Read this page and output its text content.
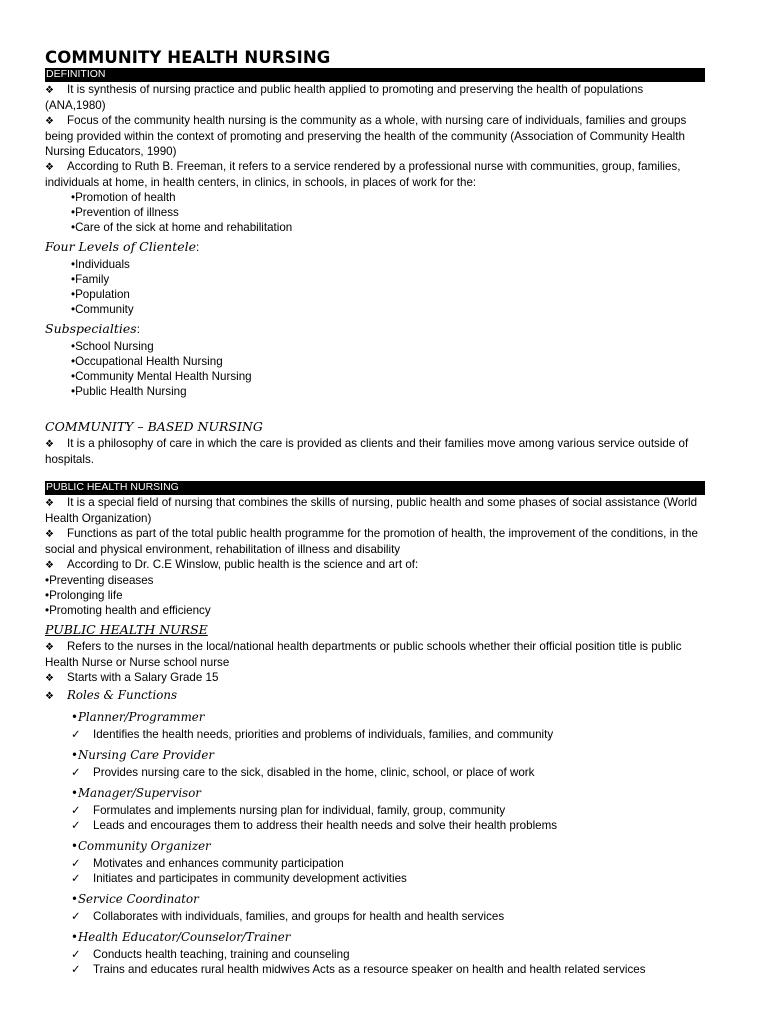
COMMUNITY HEALTH NURSING
DEFINITION

❖ It is synthesis of nursing practice and public health applied to promoting and preserving the health of populations (ANA,1980)

❖ Focus of the community health nursing is the community as a whole, with nursing care of individuals, families and groups being provided within the context of promoting and preserving the health of the community (Association of Community Health Nursing Educators, 1990)

❖ According to Ruth B. Freeman, it refers to a service rendered by a professional nurse with communities, group, families, individuals at home, in health centers, in clinics, in schools, in places of work for the:

• Promotion of health
• Prevention of illness
• Care of the sick at home and rehabilitation
Four Levels of Clientele:
• Individuals
• Family
• Population
• Community
Subspecialties:
• School Nursing
• Occupational Health Nursing
• Community Mental Health Nursing
• Public Health Nursing
COMMUNITY – BASED NURSING

❖ It is a philosophy of care in which the care is provided as clients and their families move among various service outside of hospitals.

PUBLIC HEALTH NURSING

❖ It is a special field of nursing that combines the skills of nursing, public health and some phases of social assistance (World Health Organization)

❖ Functions as part of the total public health programme for the promotion of health, the improvement of the conditions, in the social and physical environment, rehabilitation of illness and disability

❖ According to Dr. C.E Winslow, public health is the science and art of:

• Preventing diseases
• Prolonging life
• Promoting health and efficiency
PUBLIC HEALTH NURSE

❖ Refers to the nurses in the local/national health departments or public schools whether their official position title is public Health Nurse or Nurse school nurse

❖ Starts with a Salary Grade 15

❖ Roles & Functions

• Planner/Programmer

✓ Identifies the health needs, priorities and problems of individuals, families, and community

• Nursing Care Provider

✓ Provides nursing care to the sick, disabled in the home, clinic, school, or place of work

• Manager/Supervisor

✓ Formulates and implements nursing plan for individual, family, group, community

✓ Leads and encourages them to address their health needs and solve their health problems

• Community Organizer

✓ Motivates and enhances community participation

✓ Initiates and participates in community development activities

• Service Coordinator

✓ Collaborates with individuals, families, and groups for health and health services

• Health Educator/Counselor/Trainer

✓ Conducts health teaching, training and counseling

✓ Trains and educates rural health midwives Acts as a resource speaker on health and health related services
